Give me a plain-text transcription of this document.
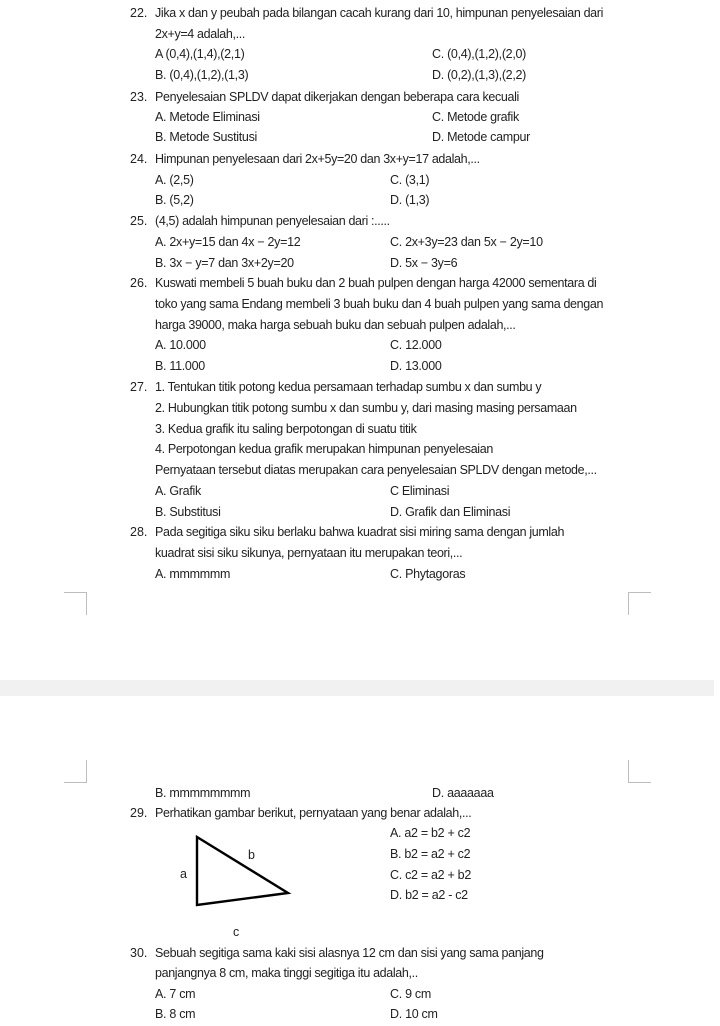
22. Jika x dan y peubah pada bilangan cacah kurang dari 10, himpunan penyelesaian dari
2x+y=4 adalah,...
A (0,4),(1,4),(2,1)	C. (0,4),(1,2),(2,0)
B. (0,4),(1,2),(1,3)	D. (0,2),(1,3),(2,2)
23. Penyelesaian SPLDV dapat dikerjakan dengan beberapa cara kecuali
A. Metode Eliminasi	C. Metode grafik
B. Metode Sustitusi	D. Metode campur
24. Himpunan penyelesaan dari 2x+5y=20 dan 3x+y=17 adalah,...
A. (2,5)	C. (3,1)
B. (5,2)	D. (1,3)
25. (4,5) adalah himpunan penyelesaian dari :.....
A. 2x+y=15 dan 4x − 2y=12	C. 2x+3y=23 dan 5x − 2y=10
B. 3x − y=7 dan 3x+2y=20	D. 5x − 3y=6
26. Kuswati membeli 5 buah buku dan 2 buah pulpen dengan harga 42000 sementara di
toko yang sama Endang membeli 3 buah buku dan 4 buah pulpen yang sama dengan
harga 39000, maka harga sebuah buku dan sebuah pulpen adalah,...
A. 10.000	C. 12.000
B. 11.000	D. 13.000
27. 1. Tentukan titik potong kedua persamaan terhadap sumbu x dan sumbu y
2. Hubungkan titik potong sumbu x dan sumbu y, dari masing masing persamaan
3. Kedua grafik itu saling berpotongan di suatu titik
4. Perpotongan kedua grafik merupakan himpunan penyelesaian
Pernyataan tersebut diatas merupakan cara penyelesaian SPLDV dengan metode,...
A. Grafik	C Eliminasi
B. Substitusi	D. Grafik dan Eliminasi
28. Pada segitiga siku siku berlaku bahwa kuadrat sisi miring sama dengan jumlah
kuadrat sisi siku sikunya, pernyataan itu merupakan teori,...
A. mmmmmm	C. Phytagoras
B. mmmmmmmm	D. aaaaaaa
29. Perhatikan gambar berikut, pernyataan yang benar adalah,...
b
a
c
A. a2 = b2 + c2
B. b2 = a2 + c2
C. c2 = a2 + b2
D. b2 = a2 - c2
30. Sebuah segitiga sama kaki sisi alasnya 12 cm dan sisi yang sama panjang
panjangnya 8 cm, maka tinggi segitiga itu adalah,..
A. 7 cm	C. 9 cm
B. 8 cm	D. 10 cm
